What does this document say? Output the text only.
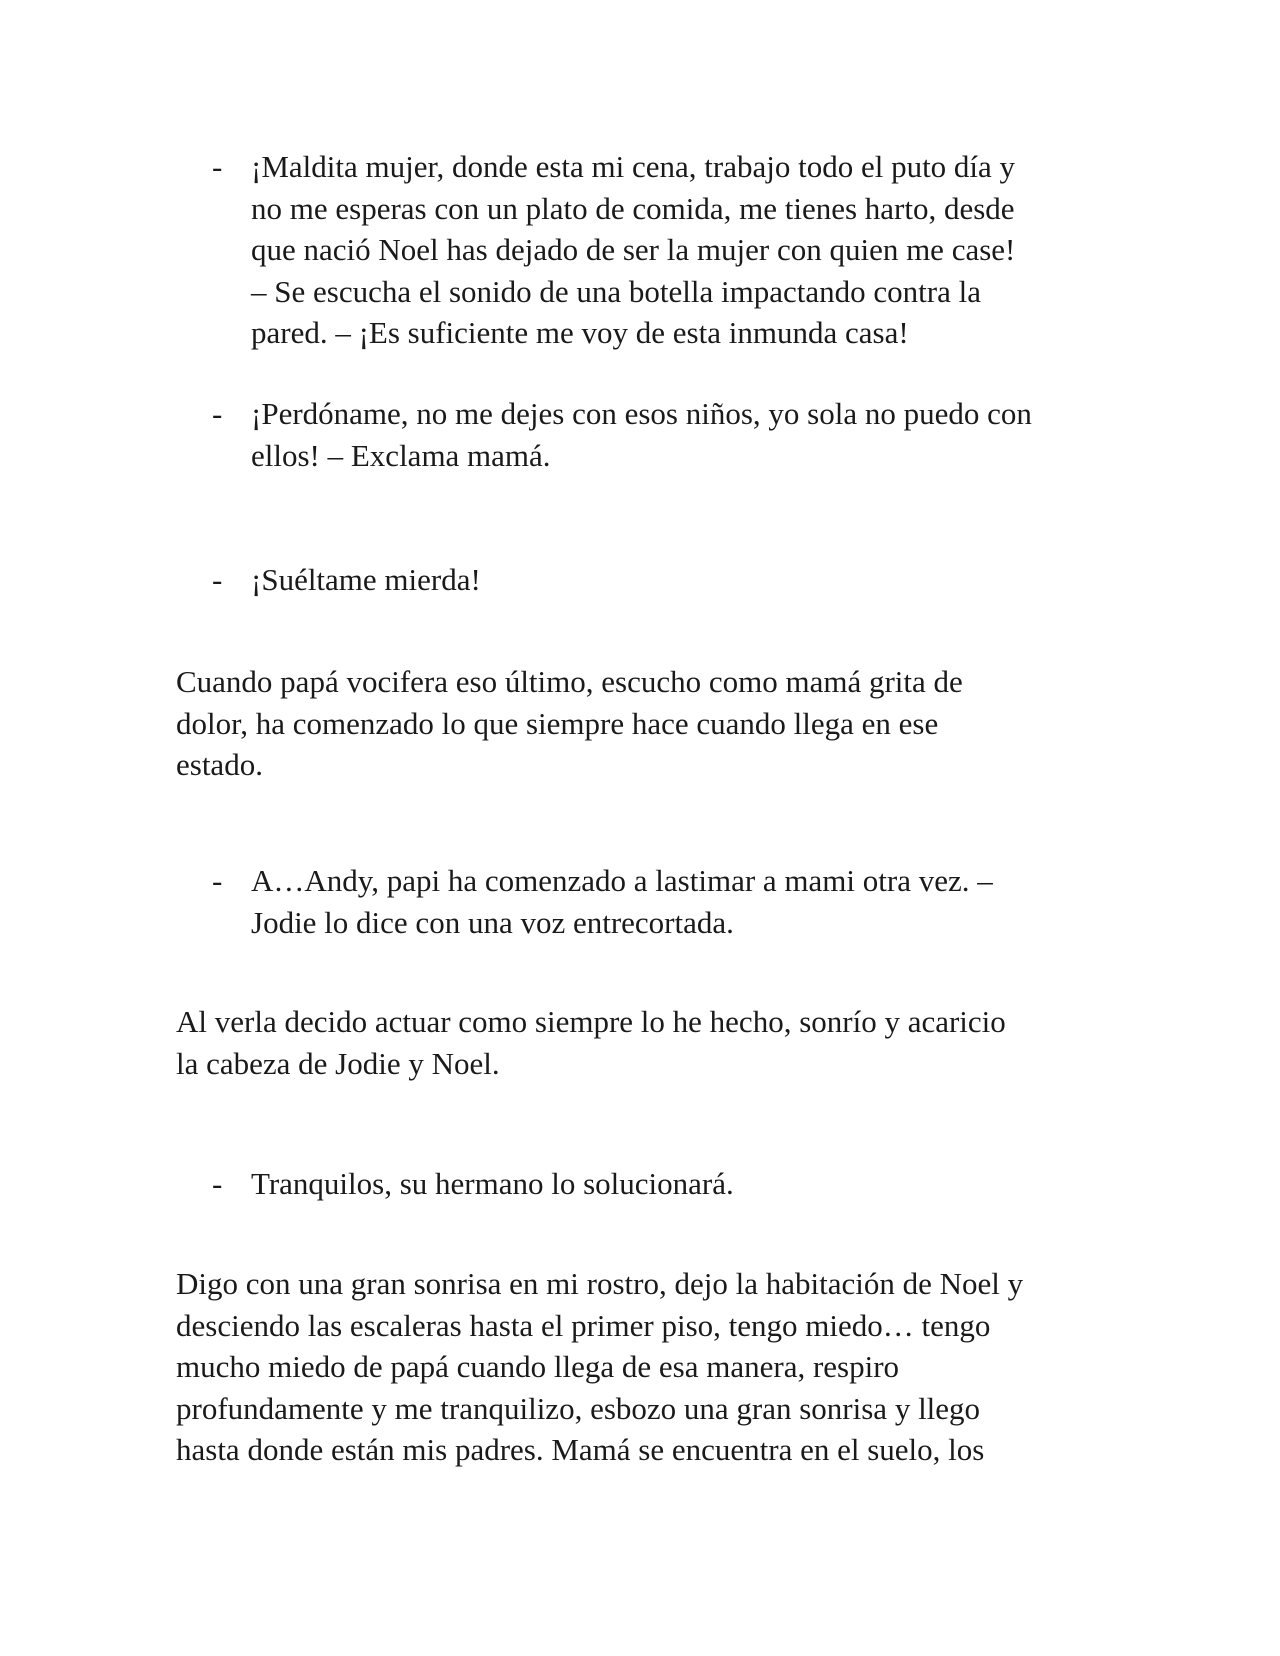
- ¡Maldita mujer, donde esta mi cena, trabajo todo el puto día y
no me esperas con un plato de comida, me tienes harto, desde
que nació Noel has dejado de ser la mujer con quien me case!
– Se escucha el sonido de una botella impactando contra la
pared. – ¡Es suficiente me voy de esta inmunda casa!
- ¡Perdóname, no me dejes con esos niños, yo sola no puedo con
ellos! – Exclama mamá.
- ¡Suéltame mierda!
Cuando papá vocifera eso último, escucho como mamá grita de
dolor, ha comenzado lo que siempre hace cuando llega en ese
estado.
- A…Andy, papi ha comenzado a lastimar a mami otra vez. –
Jodie lo dice con una voz entrecortada.
Al verla decido actuar como siempre lo he hecho, sonrío y acaricio
la cabeza de Jodie y Noel.
- Tranquilos, su hermano lo solucionará.
Digo con una gran sonrisa en mi rostro, dejo la habitación de Noel y
desciendo las escaleras hasta el primer piso, tengo miedo… tengo
mucho miedo de papá cuando llega de esa manera, respiro
profundamente y me tranquilizo, esbozo una gran sonrisa y llego
hasta donde están mis padres. Mamá se encuentra en el suelo, los
